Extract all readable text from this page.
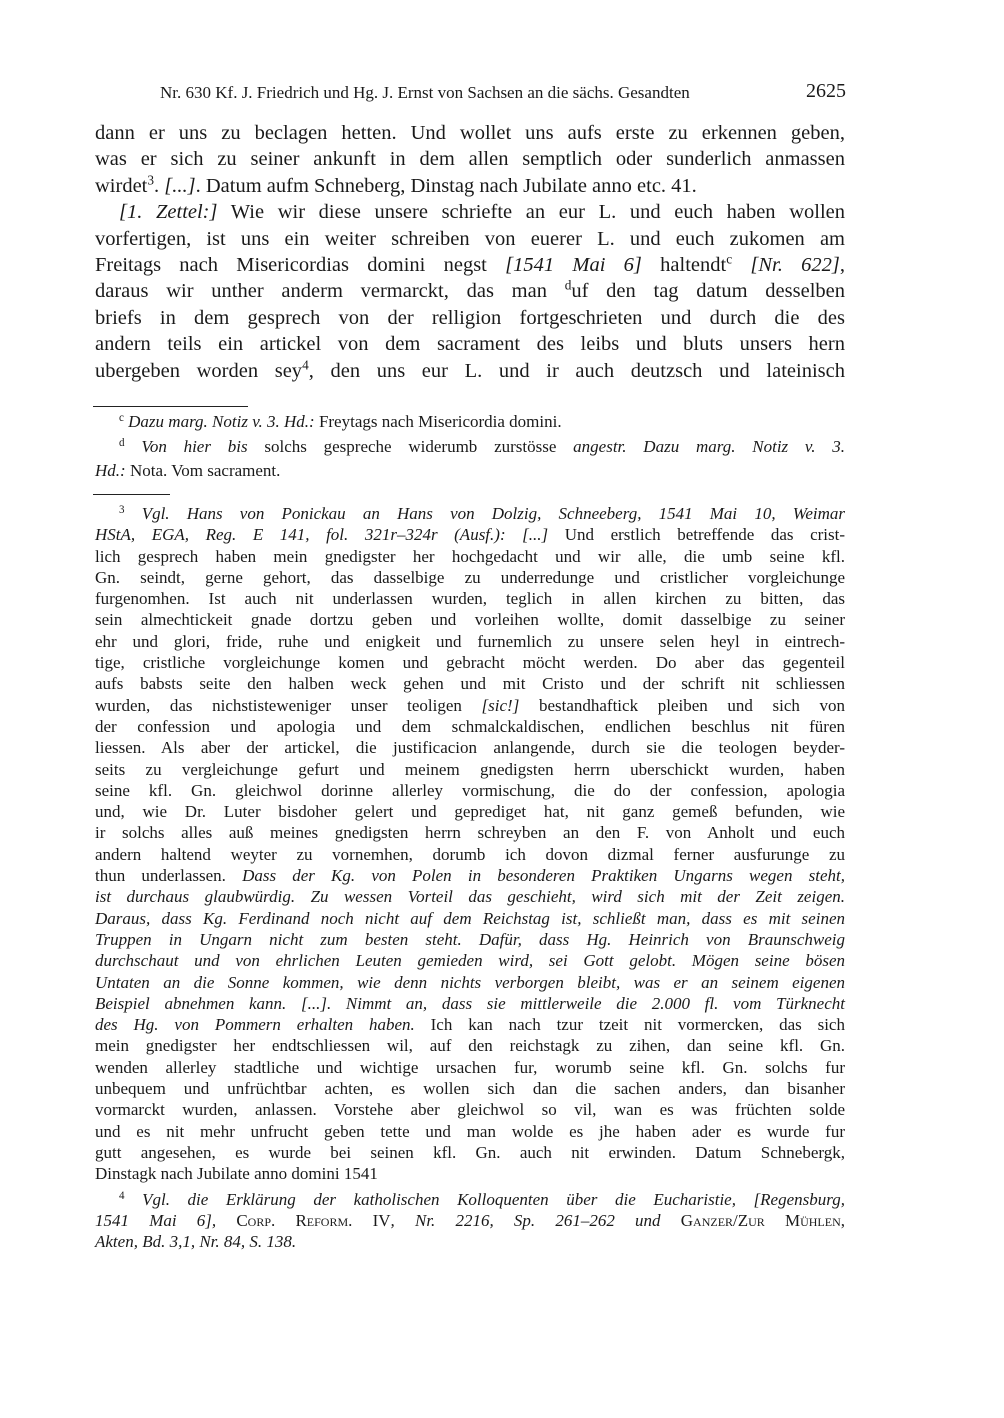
Nr. 630 Kf. J. Friedrich und Hg. J. Ernst von Sachsen an die sächs. Gesandten	2625
dann er uns zu beclagen hetten. Und wollet uns aufs erste zu erkennen geben,
was er sich zu seiner ankunft in dem allen semptlich oder sunderlich anmassen
wirdet$^3$. [...]. Datum aufm Schneberg, Dinstag nach Jubilate anno etc. 41.
[1. Zettel:] Wie wir diese unsere schriefte an eur L. und euch haben wollen
vorfertigen, ist uns ein weiter schreiben von euerer L. und euch zukomen am
Freitags nach Misericordias domini negst [1541 Mai 6] haltendt$^c$ [Nr. 622],
daraus wir unther anderm vermarckt, das man $^d$uf den tag datum desselben
briefs in dem gesprech von der relligion fortgeschrieten und durch die des
andern teils ein artickel von dem sacrament des leibs und bluts unsers hern
ubergeben worden sey$^4$, den uns eur L. und ir auch deutzsch und lateinisch
$^c$ Dazu marg. Notiz v. 3. Hd.: Freytags nach Misericordia domini.
$^d$ Von hier bis solchs gespreche widerumb zurstösse angestr. Dazu marg. Notiz v. 3.
Hd.: Nota. Vom sacrament.
$^3$ Vgl. Hans von Ponickau an Hans von Dolzig, Schneeberg, 1541 Mai 10, Weimar
HStA, EGA, Reg. E 141, fol. 321r–324r (Ausf.): [...] Und erstlich betreffende das crist-
lich gesprech haben mein gnedigster her hochgedacht und wir alle, die umb seine kfl.
Gn. seindt, gerne gehort, das dasselbige zu underredunge und cristlicher vorgleichunge
furgenomhen. Ist auch nit underlassen wurden, teglich in allen kirchen zu bitten, das
sein almechtickeit gnade dortzu geben und vorleihen wollte, domit dasselbige zu seiner
ehr und glori, fride, ruhe und enigkeit und furnemlich zu unsere selen heyl in eintrech-
tige, cristliche vorgleichunge komen und gebracht möcht werden. Do aber das gegenteil
aufs babsts seite den halben weck gehen und mit Cristo und der schrift nit schliessen
wurden, das nichstisteweniger unser teoligen [sic!] bestandhaftick pleiben und sich von
der confession und apologia und dem schmalckaldischen, endlichen beschlus nit füren
liessen. Als aber der artickel, die justificacion anlangende, durch sie die teologen beyder-
seits zu vergleichunge gefurt und meinem gnedigsten herrn uberschickt wurden, haben
seine kfl. Gn. gleichwol dorinne allerley vormischung, die do der confession, apologia
und, wie Dr. Luter bisdoher gelert und geprediget hat, nit ganz gemeß befunden, wie
ir solchs alles auß meines gnedigsten herrn schreyben an den F. von Anholt und euch
andern haltend weyter zu vornemhen, dorumb ich dovon dizmal ferner ausfurunge zu
thun underlassen. Dass der Kg. von Polen in besonderen Praktiken Ungarns wegen steht,
ist durchaus glaubwürdig. Zu wessen Vorteil das geschieht, wird sich mit der Zeit zeigen.
Daraus, dass Kg. Ferdinand noch nicht auf dem Reichstag ist, schließt man, dass es mit seinen
Truppen in Ungarn nicht zum besten steht. Dafür, dass Hg. Heinrich von Braunschweig
durchschaut und von ehrlichen Leuten gemieden wird, sei Gott gelobt. Mögen seine bösen
Untaten an die Sonne kommen, wie denn nichts verborgen bleibt, was er an seinem eigenen
Beispiel abnehmen kann. [...]. Nimmt an, dass sie mittlerweile die 2.000 fl. vom Türknecht
des Hg. von Pommern erhalten haben. Ich kan nach tzur tzeit nit vormercken, das sich
mein gnedigster her endtschliessen wil, auf den reichstagk zu zihen, dan seine kfl. Gn.
wenden allerley stadtliche und wichtige ursachen fur, worumb seine kfl. Gn. solchs fur
unbequem und unfrüchtbar achten, es wollen sich dan die sachen anders, dan bisanher
vormarckt wurden, anlassen. Vorstehe aber gleichwol so vil, wan es was früchten solde
und es nit mehr unfrucht geben tette und man wolde es jhe haben ader es wurde fur
gutt angesehen, es wurde bei seinen kfl. Gn. auch nit erwinden. Datum Schnebergk,
Dinstagk nach Jubilate anno domini 1541
$^4$ Vgl. die Erklärung der katholischen Kolloquenten über die Eucharistie, [Regensburg,
1541 Mai 6], Corp. Reform. IV, Nr. 2216, Sp. 261–262 und Ganzer/Zur Mühlen,
Akten, Bd. 3,1, Nr. 84, S. 138.
